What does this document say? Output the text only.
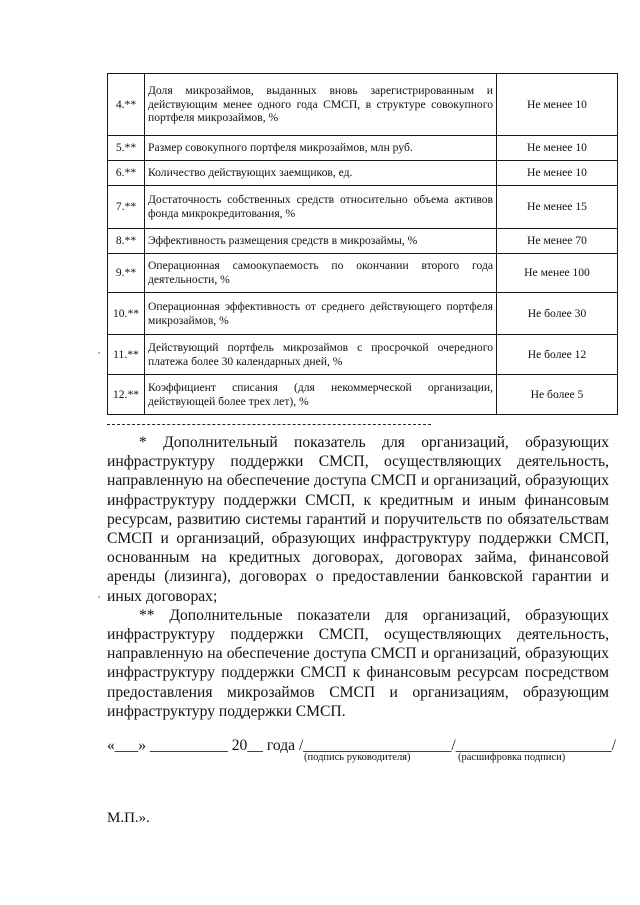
4.**	Доля микрозаймов, выданных вновь зарегистрированным и действующим менее одного года СМСП, в структуре совокупного портфеля микрозаймов, %	Не менее 10
5.**	Размер совокупного портфеля микрозаймов, млн руб.	Не менее 10
6.**	Количество действующих заемщиков, ед.	Не менее 10
7.**	Достаточность собственных средств относительно объема активов фонда микрокредитования, %	Не менее 15
8.**	Эффективность размещения средств в микрозаймы, %	Не менее 70
9.**	Операционная самоокупаемость по окончании второго года деятельности, %	Не менее 100
10.**	Операционная эффективность от среднего действующего портфеля микрозаймов, %	Не более 30
11.**	Действующий портфель микрозаймов с просрочкой очередного платежа более 30 календарных дней, %	Не более 12
12.**	Коэффициент списания (для некоммерческой организации, действующей более трех лет), %	Не более 5

* Дополнительный показатель для организаций, образующих инфраструктуру поддержки СМСП, осуществляющих деятельность, направленную на обеспечение доступа СМСП и организаций, образующих инфраструктуру поддержки СМСП, к кредитным и иным финансовым ресурсам, развитию системы гарантий и поручительств по обязательствам СМСП и организаций, образующих инфраструктуру поддержки СМСП, основанным на кредитных договорах, договорах займа, финансовой аренды (лизинга), договорах о предоставлении банковской гарантии и иных договорах;

** Дополнительные показатели для организаций, образующих инфраструктуру поддержки СМСП, осуществляющих деятельность, направленную на обеспечение доступа СМСП и организаций, образующих инфраструктуру поддержки СМСП к финансовым ресурсам посредством предоставления микрозаймов СМСП и организациям, образующим инфраструктуру поддержки СМСП.

«___» __________ 20__ года /___________________/____________________/
(подпись руководителя)	(расшифровка подписи)
М.П.».
